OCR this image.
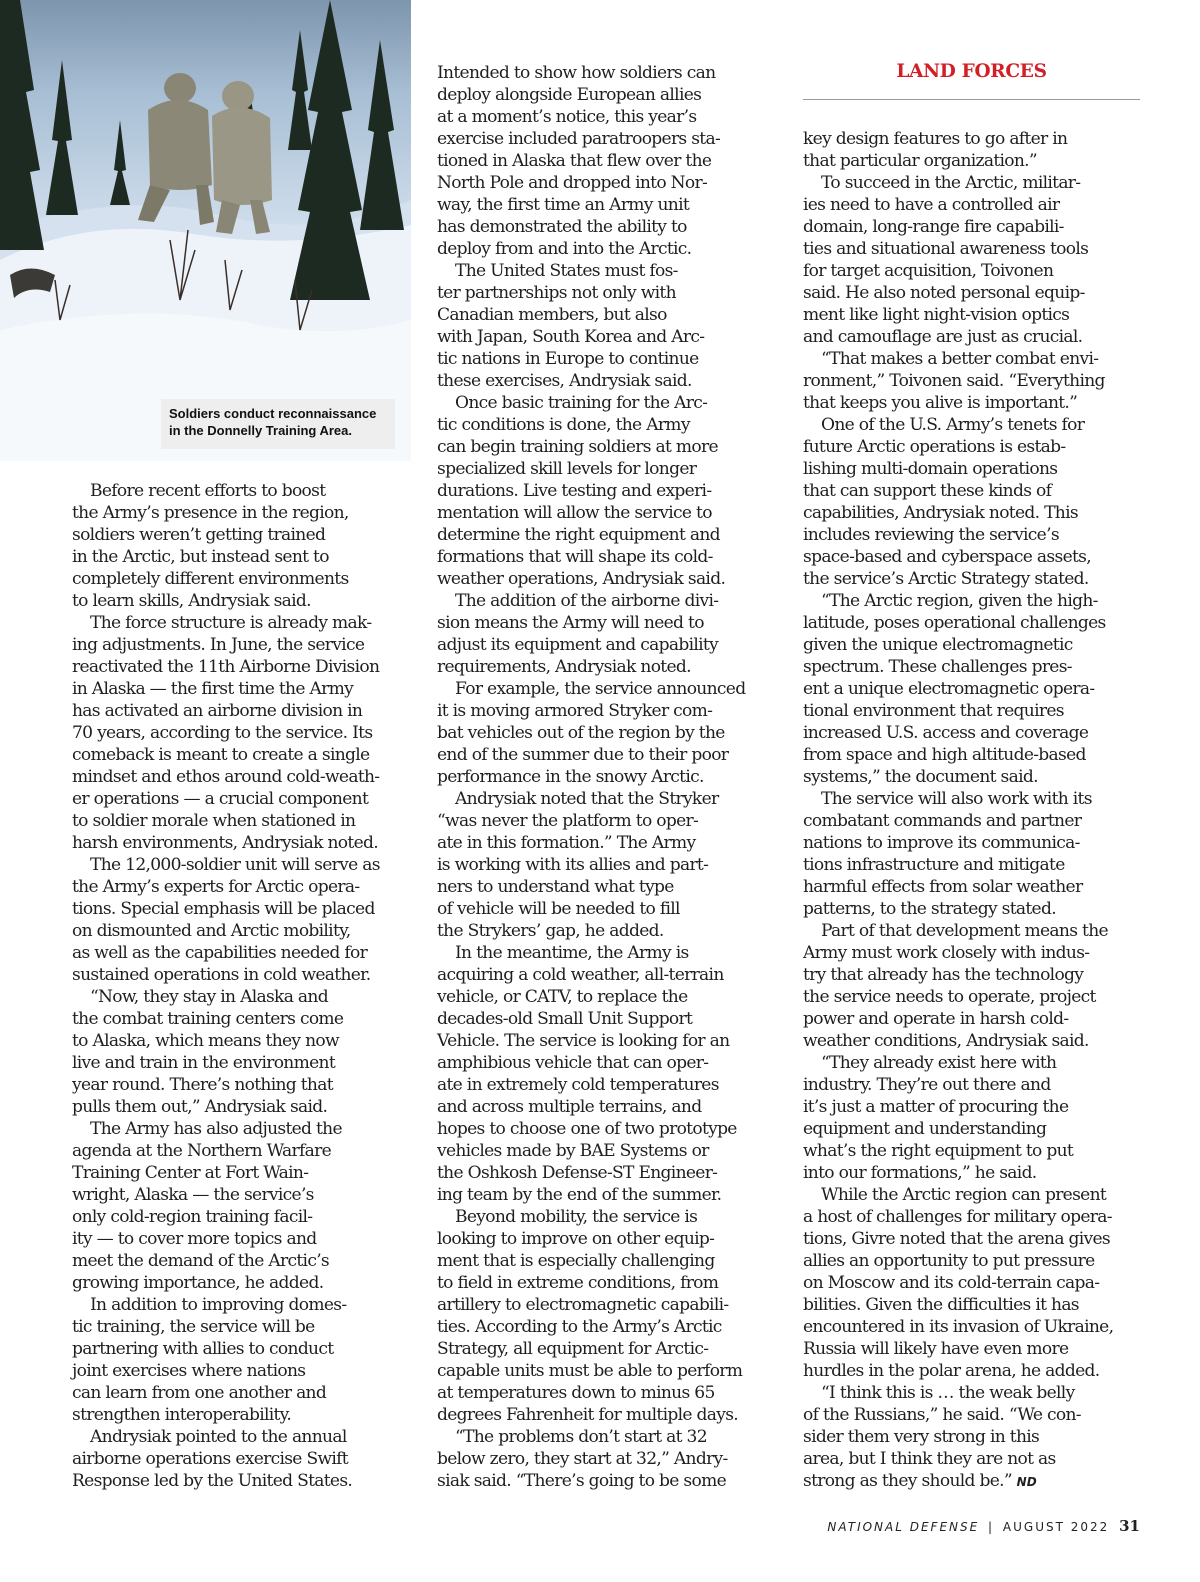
Soldiers conduct reconnaissance
in the Donnelly Training Area.
LAND FORCES
Before recent efforts to boost
the Army’s presence in the region,
soldiers weren’t getting trained
in the Arctic, but instead sent to
completely different environments
to learn skills, Andrysiak said.
The force structure is already mak-
ing adjustments. In June, the service
reactivated the 11th Airborne Division
in Alaska — the first time the Army
has activated an airborne division in
70 years, according to the service. Its
comeback is meant to create a single
mindset and ethos around cold-weath-
er operations — a crucial component
to soldier morale when stationed in
harsh environments, Andrysiak noted.
The 12,000-soldier unit will serve as
the Army’s experts for Arctic opera-
tions. Special emphasis will be placed
on dismounted and Arctic mobility,
as well as the capabilities needed for
sustained operations in cold weather.
“Now, they stay in Alaska and
the combat training centers come
to Alaska, which means they now
live and train in the environment
year round. There’s nothing that
pulls them out,” Andrysiak said.
The Army has also adjusted the
agenda at the Northern Warfare
Training Center at Fort Wain-
wright, Alaska — the service’s
only cold-region training facil-
ity — to cover more topics and
meet the demand of the Arctic’s
growing importance, he added.
In addition to improving domes-
tic training, the service will be
partnering with allies to conduct
joint exercises where nations
can learn from one another and
strengthen interoperability.
Andrysiak pointed to the annual
airborne operations exercise Swift
Response led by the United States.
Intended to show how soldiers can
deploy alongside European allies
at a moment’s notice, this year’s
exercise included paratroopers sta-
tioned in Alaska that flew over the
North Pole and dropped into Nor-
way, the first time an Army unit
has demonstrated the ability to
deploy from and into the Arctic.
The United States must fos-
ter partnerships not only with
Canadian members, but also
with Japan, South Korea and Arc-
tic nations in Europe to continue
these exercises, Andrysiak said.
Once basic training for the Arc-
tic conditions is done, the Army
can begin training soldiers at more
specialized skill levels for longer
durations. Live testing and experi-
mentation will allow the service to
determine the right equipment and
formations that will shape its cold-
weather operations, Andrysiak said.
The addition of the airborne divi-
sion means the Army will need to
adjust its equipment and capability
requirements, Andrysiak noted.
For example, the service announced
it is moving armored Stryker com-
bat vehicles out of the region by the
end of the summer due to their poor
performance in the snowy Arctic.
Andrysiak noted that the Stryker
“was never the platform to oper-
ate in this formation.” The Army
is working with its allies and part-
ners to understand what type
of vehicle will be needed to fill
the Strykers’ gap, he added.
In the meantime, the Army is
acquiring a cold weather, all-terrain
vehicle, or CATV, to replace the
decades-old Small Unit Support
Vehicle. The service is looking for an
amphibious vehicle that can oper-
ate in extremely cold temperatures
and across multiple terrains, and
hopes to choose one of two prototype
vehicles made by BAE Systems or
the Oshkosh Defense-ST Engineer-
ing team by the end of the summer.
Beyond mobility, the service is
looking to improve on other equip-
ment that is especially challenging
to field in extreme conditions, from
artillery to electromagnetic capabili-
ties. According to the Army’s Arctic
Strategy, all equipment for Arctic-
capable units must be able to perform
at temperatures down to minus 65
degrees Fahrenheit for multiple days.
“The problems don’t start at 32
below zero, they start at 32,” Andry-
siak said. “There’s going to be some
key design features to go after in
that particular organization.”
To succeed in the Arctic, militar-
ies need to have a controlled air
domain, long-range fire capabili-
ties and situational awareness tools
for target acquisition, Toivonen
said. He also noted personal equip-
ment like light night-vision optics
and camouflage are just as crucial.
“That makes a better combat envi-
ronment,” Toivonen said. “Everything
that keeps you alive is important.”
One of the U.S. Army’s tenets for
future Arctic operations is estab-
lishing multi-domain operations
that can support these kinds of
capabilities, Andrysiak noted. This
includes reviewing the service’s
space-based and cyberspace assets,
the service’s Arctic Strategy stated.
“The Arctic region, given the high-
latitude, poses operational challenges
given the unique electromagnetic
spectrum. These challenges pres-
ent a unique electromagnetic opera-
tional environment that requires
increased U.S. access and coverage
from space and high altitude-based
systems,” the document said.
The service will also work with its
combatant commands and partner
nations to improve its communica-
tions infrastructure and mitigate
harmful effects from solar weather
patterns, to the strategy stated.
Part of that development means the
Army must work closely with indus-
try that already has the technology
the service needs to operate, project
power and operate in harsh cold-
weather conditions, Andrysiak said.
“They already exist here with
industry. They’re out there and
it’s just a matter of procuring the
equipment and understanding
what’s the right equipment to put
into our formations,” he said.
While the Arctic region can present
a host of challenges for military opera-
tions, Givre noted that the arena gives
allies an opportunity to put pressure
on Moscow and its cold-terrain capa-
bilities. Given the difficulties it has
encountered in its invasion of Ukraine,
Russia will likely have even more
hurdles in the polar arena, he added.
“I think this is … the weak belly
of the Russians,” he said. “We con-
sider them very strong in this
area, but I think they are not as
strong as they should be.” ND
NATIONAL DEFENSE | AUGUST 2022 31
